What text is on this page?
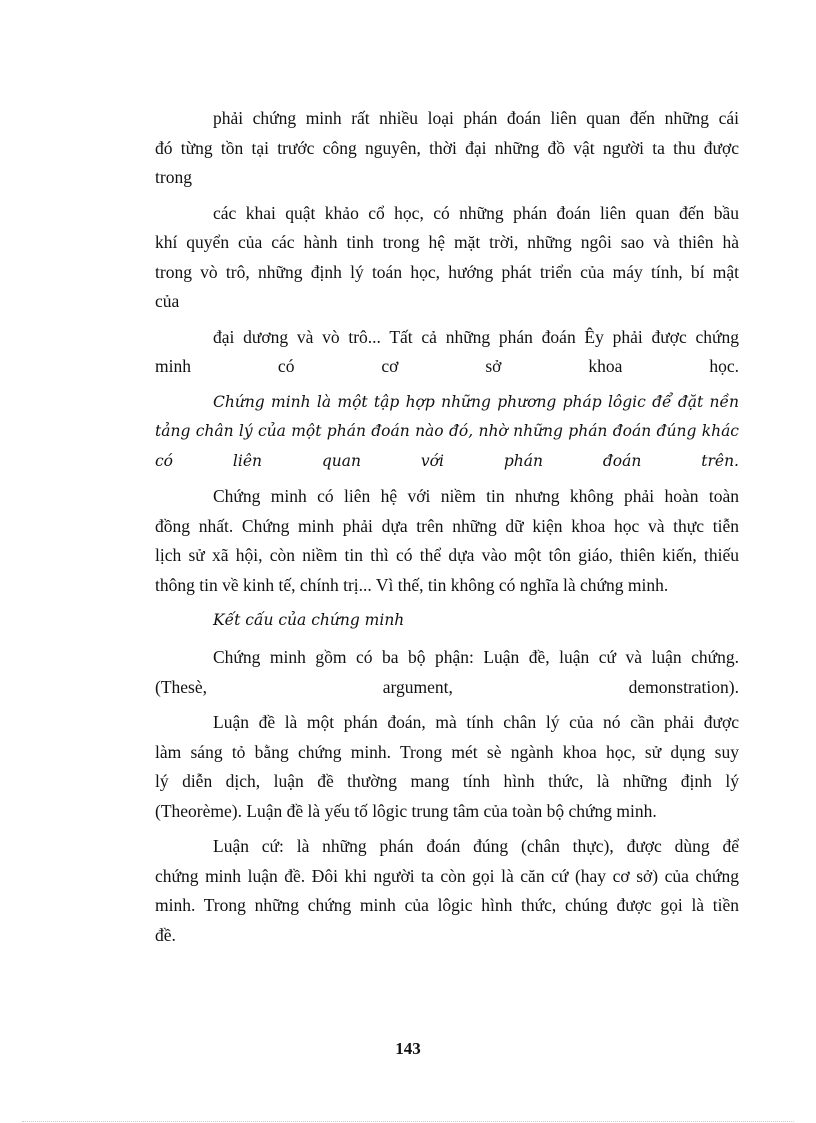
phải chứng minh rất nhiều loại phán đoán liên quan đến những cái
đó từng tồn tại trước công nguyên, thời đại những đồ vật người ta thu được
trong
các khai quật khảo cổ học, có những phán đoán liên quan đến bầu
khí quyển của các hành tinh trong hệ mặt trời, những ngôi sao và thiên hà
trong vò trô, những định lý toán học, hướng phát triển của máy tính, bí mật
của
đại dương và vò trô... Tất cả những phán đoán Êy phải được chứng
minh có cơ sở khoa học.
Chứng minh là một tập hợp những phương pháp lôgic để đặt nền
tảng chân lý của một phán đoán nào đó, nhờ những phán đoán đúng khác
có liên quan với phán đoán trên.
Chứng minh có liên hệ với niềm tin nhưng không phải hoàn toàn
đồng nhất. Chứng minh phải dựa trên những dữ kiện khoa học và thực tiễn
lịch sử xã hội, còn niềm tin thì có thể dựa vào một tôn giáo, thiên kiến, thiếu
thông tin về kinh tế, chính trị... Vì thế, tin không có nghĩa là chứng minh.
Kết cấu của chứng minh
Chứng minh gồm có ba bộ phận: Luận đề, luận cứ và luận chứng.
(Thesè, argument, demonstration).
Luận đề là một phán đoán, mà tính chân lý của nó cần phải được
làm sáng tỏ bằng chứng minh. Trong mét sè ngành khoa học, sử dụng suy
lý diễn dịch, luận đề thường mang tính hình thức, là những định lý
(Theorème). Luận đề là yếu tố lôgic trung tâm của toàn bộ chứng minh.
Luận cứ: là những phán đoán đúng (chân thực), được dùng để
chứng minh luận đề. Đôi khi người ta còn gọi là căn cứ (hay cơ sở) của chứng
minh. Trong những chứng minh của lôgic hình thức, chúng được gọi là tiền
đề.
143
